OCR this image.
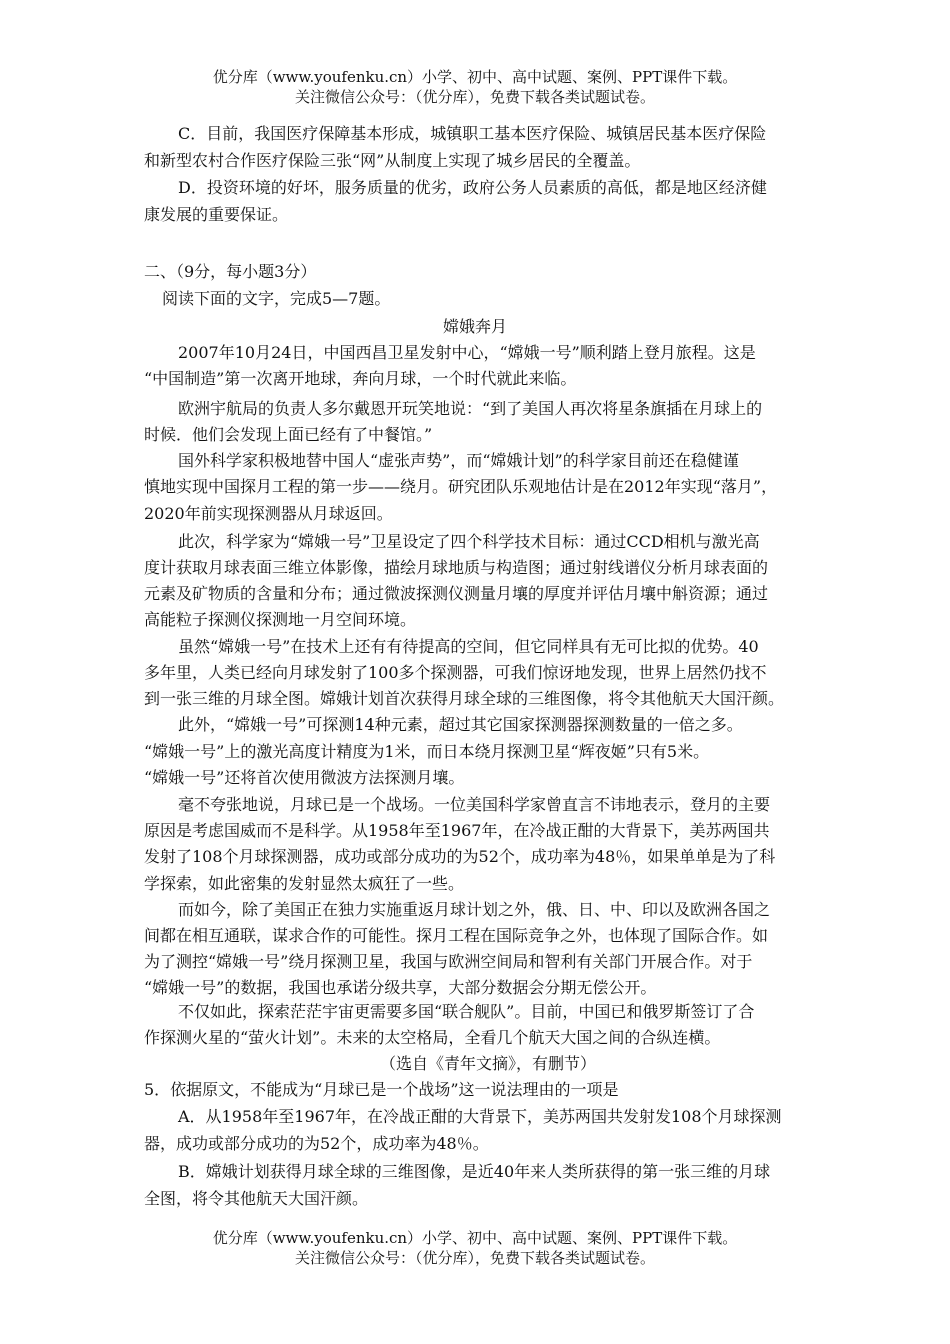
优分库（www.youfenku.cn）小学、初中、高中试题、案例、PPT课件下载。
关注微信公众号：（优分库），免费下载各类试题试卷。
C．目前，我国医疗保障基本形成，城镇职工基本医疗保险、城镇居民基本医疗保险
和新型农村合作医疗保险三张“网”从制度上实现了城乡居民的全覆盖。
D．投资环境的好坏，服务质量的优劣，政府公务人员素质的高低，都是地区经济健
康发展的重要保证。
二、（9分，每小题3分）
阅读下面的文字，完成5—7题。
嫦娥奔月
2007年10月24日，中国西昌卫星发射中心，“嫦娥一号”顺利踏上登月旅程。这是
“中国制造”第一次离开地球，奔向月球，一个时代就此来临。
欧洲宇航局的负责人多尔戴恩开玩笑地说：“到了美国人再次将星条旗插在月球上的
时候．他们会发现上面已经有了中餐馆。”
国外科学家积极地替中国人“虚张声势”，而“嫦娥计划”的科学家目前还在稳健谨
慎地实现中国探月工程的第一步——绕月。研究团队乐观地估计是在2012年实现“落月”，
2020年前实现探测器从月球返回。
此次，科学家为“嫦娥一号”卫星设定了四个科学技术目标：通过CCD相机与激光高
度计获取月球表面三维立体影像，描绘月球地质与构造图；通过射线谱仪分析月球表面的
元素及矿物质的含量和分布；通过微波探测仪测量月壤的厚度并评估月壤中斛资源；通过
高能粒子探测仪探测地一月空间环境。
虽然“嫦娥一号”在技术上还有有待提高的空间，但它同样具有无可比拟的优势。40
多年里，人类已经向月球发射了100多个探测器，可我们惊讶地发现，世界上居然仍找不
到一张三维的月球全图。嫦娥计划首次获得月球全球的三维图像，将令其他航天大国汗颜。
此外，“嫦娥一号”可探测14种元素，超过其它国家探测器探测数量的一倍之多。
“嫦娥一号”上的激光高度计精度为1米，而日本绕月探测卫星“辉夜姬”只有5米。
“嫦娥一号”还将首次使用微波方法探测月壤。
毫不夸张地说，月球已是一个战场。一位美国科学家曾直言不讳地表示，登月的主要
原因是考虑国威而不是科学。从1958年至1967年，在冷战正酣的大背景下，美苏两国共
发射了108个月球探测器，成功或部分成功的为52个，成功率为48％，如果单单是为了科
学探索，如此密集的发射显然太疯狂了一些。
而如今，除了美国正在独力实施重返月球计划之外，俄、日、中、印以及欧洲各国之
间都在相互通联，谋求合作的可能性。探月工程在国际竞争之外，也体现了国际合作。如
为了测控“嫦娥一号”绕月探测卫星，我国与欧洲空间局和智利有关部门开展合作。对于
“嫦娥一号”的数据，我国也承诺分级共享，大部分数据会分期无偿公开。
不仅如此，探索茫茫宇宙更需要多国“联合舰队”。目前，中国已和俄罗斯签订了合
作探测火星的“萤火计划”。未来的太空格局，全看几个航天大国之间的合纵连横。
（选自《青年文摘》，有删节）
5．依据原文，不能成为“月球已是一个战场”这一说法理由的一项是
A．从1958年至1967年，在冷战正酣的大背景下，美苏两国共发射发108个月球探测
器，成功或部分成功的为52个，成功率为48％。
B．嫦娥计划获得月球全球的三维图像，是近40年来人类所获得的第一张三维的月球
全图，将令其他航天大国汗颜。
优分库（www.youfenku.cn）小学、初中、高中试题、案例、PPT课件下载。
关注微信公众号：（优分库），免费下载各类试题试卷。
